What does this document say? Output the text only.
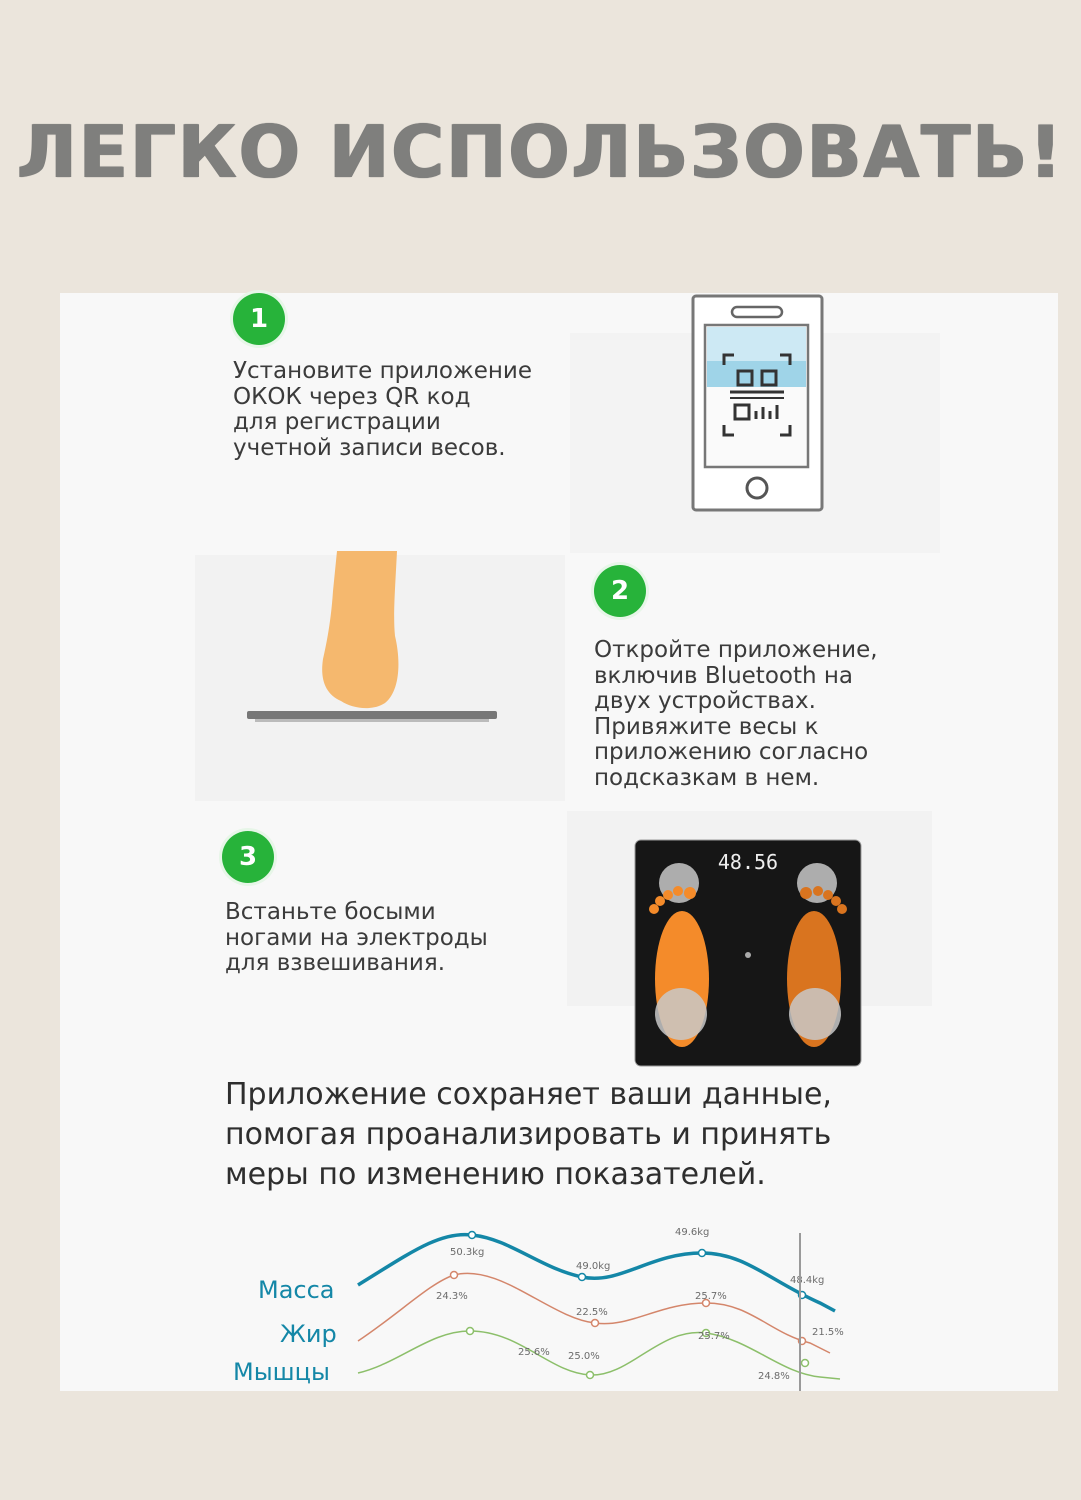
ЛЕГКО ИСПОЛЬЗОВАТЬ!
1
Установите приложение
ОКОК через QR код
для регистрации
учетной записи весов.
2
Откройте приложение,
включив Bluetooth на
двух устройствах.
Привяжите весы к
приложению согласно
подсказкам в нем.
3
Встаньте босыми
ногами на электроды
для взвешивания.
48.56
Приложение сохраняет ваши данные,
помогая проанализировать и принять
меры по изменению показателей.
Масса
Жир
Мышцы
50.3kg
49.0kg
49.6kg
48.4kg
24.3%
22.5%
25.7%
21.5%
25.6% 25.0%
25.7%
24.8%
